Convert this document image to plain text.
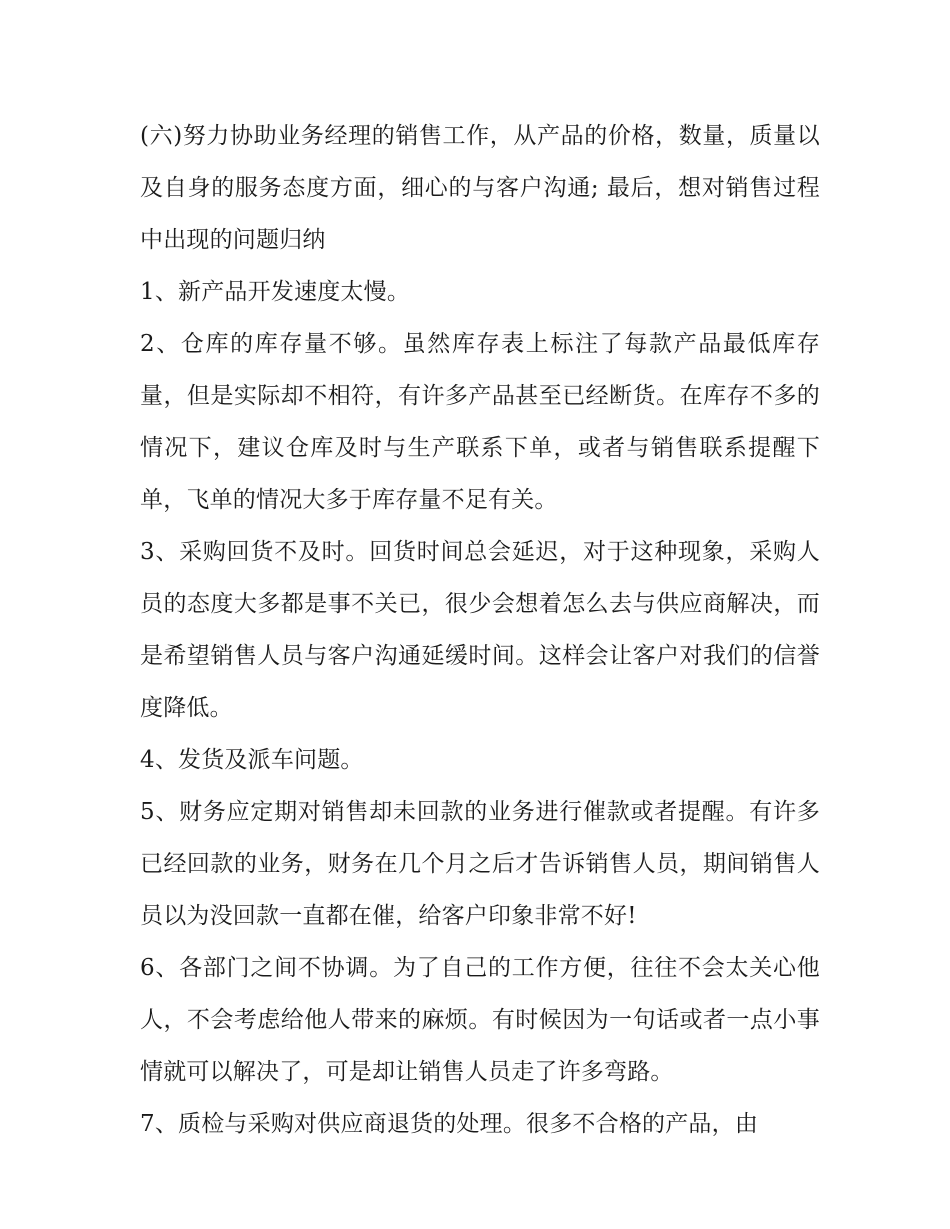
(六)努力协助业务经理的销售工作，从产品的价格，数量，质量以及自身的服务态度方面，细心的与客户沟通; 最后，想对销售过程中出现的问题归纳

1、新产品开发速度太慢。

2、仓库的库存量不够。虽然库存表上标注了每款产品最低库存量，但是实际却不相符，有许多产品甚至已经断货。在库存不多的情况下，建议仓库及时与生产联系下单，或者与销售联系提醒下单，飞单的情况大多于库存量不足有关。

3、采购回货不及时。回货时间总会延迟，对于这种现象，采购人员的态度大多都是事不关已，很少会想着怎么去与供应商解决，而是希望销售人员与客户沟通延缓时间。这样会让客户对我们的信誉度降低。

4、发货及派车问题。

5、财务应定期对销售却未回款的业务进行催款或者提醒。有许多已经回款的业务，财务在几个月之后才告诉销售人员，期间销售人员以为没回款一直都在催，给客户印象非常不好!

6、各部门之间不协调。为了自己的工作方便，往往不会太关心他人，不会考虑给他人带来的麻烦。有时候因为一句话或者一点小事情就可以解决了，可是却让销售人员走了许多弯路。

7、质检与采购对供应商退货的处理。很多不合格的产品，由
